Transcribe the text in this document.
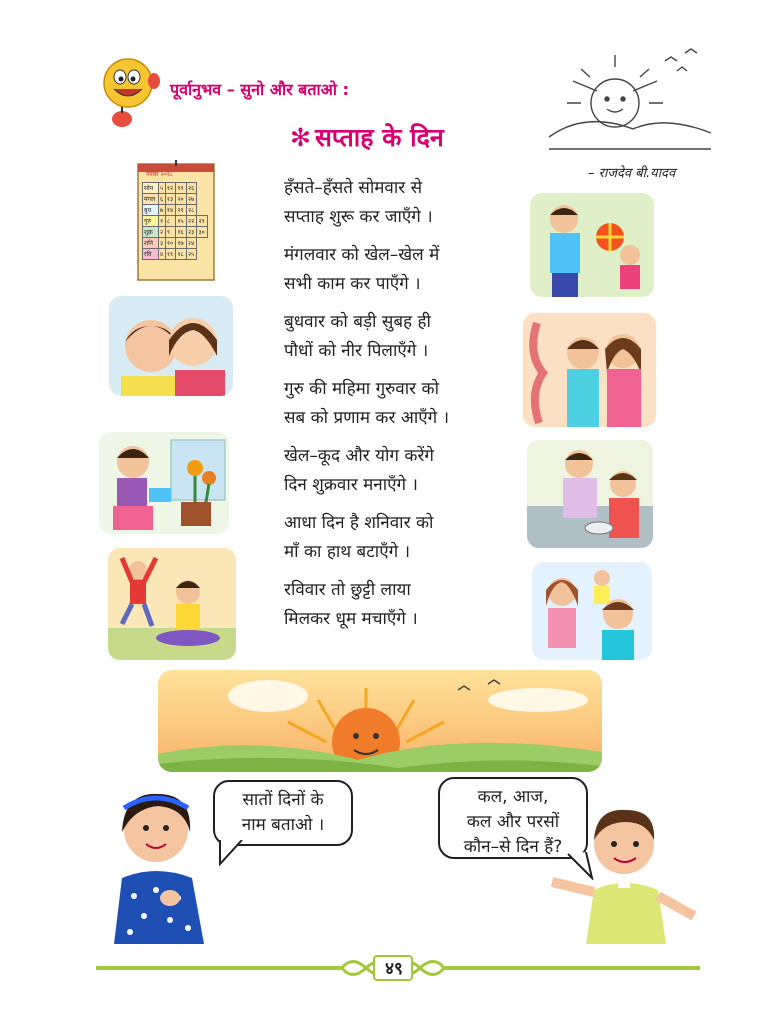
पूर्वानुभव – सुनो और बताओ :
✻ सप्ताह के दिन
– राजदेव बी.यादव
नवंबर २०१८
सोम	५	१२	१९	२६	
मंगल	६	१३	२०	२७	
बुध	७	१४	२१	२८	
गुरु	१	८	१५	२२	२९
शुक्र	२	९	१६	२३	३०
शनि	३	१०	१७	२४	
रवि	४	११	१८	२५	
हँसते–हँसते सोमवार से
सप्ताह शुरू कर जाएँगे ।
मंगलवार को खेल–खेल में
सभी काम कर पाएँगे ।
बुधवार को बड़ी सुबह ही
पौधों को नीर पिलाएँगे ।
गुरु की महिमा गुरुवार को
सब को प्रणाम कर आएँगे ।
खेल–कूद और योग करेंगे
दिन शुक्रवार मनाएँगे ।
आधा दिन है शनिवार को
माँ का हाथ बटाएँगे ।
रविवार तो छुट्टी लाया
मिलकर धूम मचाएँगे ।
सातों दिनों के
नाम बताओ ।
कल, आज,
कल और परसों
कौन–से दिन हैं?
४९
